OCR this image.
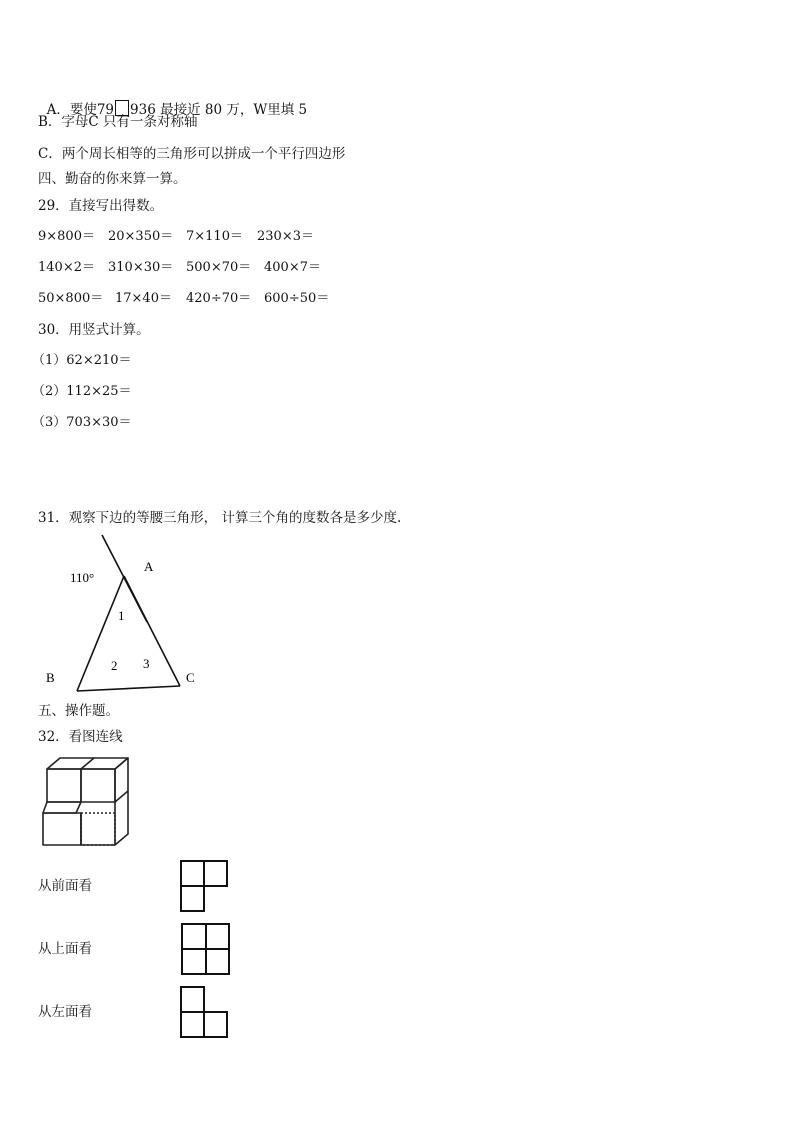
A．要使79 936 最接近 80 万，W里填 5

B．字母C 只有一条对称轴
C．两个周长相等的三角形可以拼成一个平行四边形
四、勤奋的你来算一算。
29．直接写出得数。
9×800＝ 20×350＝ 7×110＝ 230×3＝
140×2＝ 310×30＝ 500×70＝ 400×7＝
50×800＝ 17×40＝ 420÷70＝ 600÷50＝
30．用竖式计算。
（1）62×210＝
（2）112×25＝
（3）703×30＝
31．观察下边的等腰三角形， 计算三个角的度数各是多少度.
110°
A
B	C
1
2 3
五、操作题。
32．看图连线
从前面看
从上面看
从左面看
